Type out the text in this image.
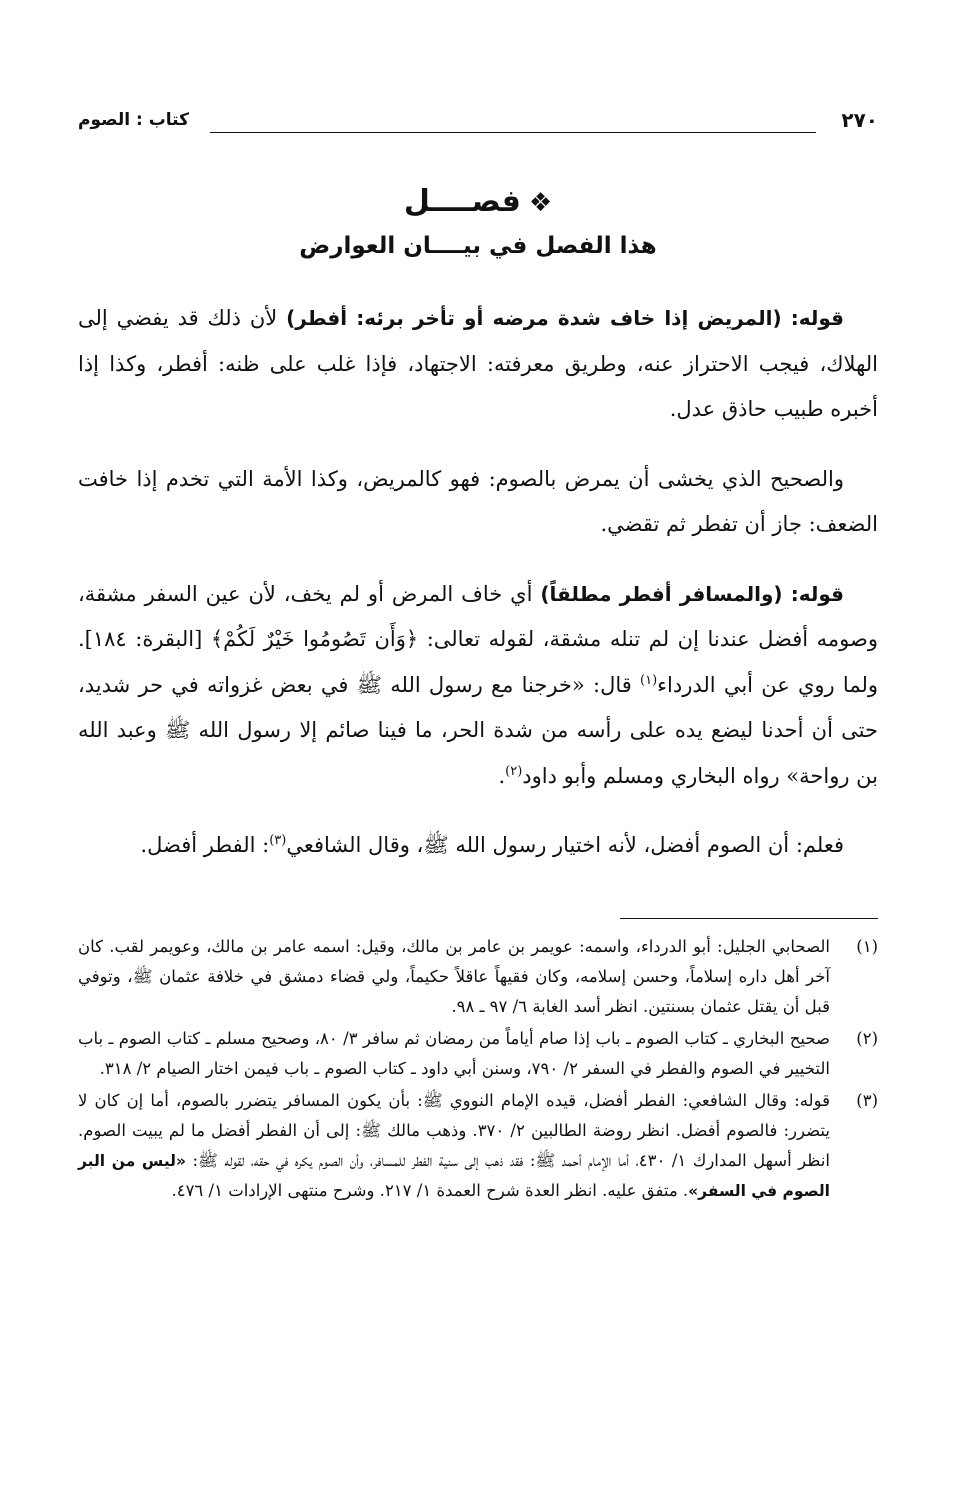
٢٧٠
كتاب : الصوم
❖فصــــل
هذا الفصل في بيــــان العوارض

قوله: (المريض إذا خاف شدة مرضه أو تأخر برئه: أفطر) لأن ذلك قد يفضي إلى الهلاك، فيجب الاحتراز عنه، وطريق معرفته: الاجتهاد، فإذا غلب على ظنه: أفطر، وكذا إذا أخبره طبيب حاذق عدل.

والصحيح الذي يخشى أن يمرض بالصوم: فهو كالمريض، وكذا الأمة التي تخدم إذا خافت الضعف: جاز أن تفطر ثم تقضي.

قوله: (والمسافر أفطر مطلقاً) أي خاف المرض أو لم يخف، لأن عين السفر مشقة، وصومه أفضل عندنا إن لم تنله مشقة، لقوله تعالى: ﴿وَأَن تَصُومُوا خَيْرٌ لَكُمْ﴾ [البقرة: ١٨٤]. ولما روي عن أبي الدرداء$^{(١)}$ قال: «خرجنا مع رسول الله ﷺ في بعض غزواته في حر شديد، حتى أن أحدنا ليضع يده على رأسه من شدة الحر، ما فينا صائم إلا رسول الله ﷺ وعبد الله بن رواحة» رواه البخاري ومسلم وأبو داود$^{(٢)}$.

فعلم: أن الصوم أفضل، لأنه اختيار رسول الله ﷺ، وقال الشافعي$^{(٣)}$: الفطر أفضل.

(١)
الصحابي الجليل: أبو الدرداء، واسمه: عويمر بن عامر بن مالك، وقيل: اسمه عامر بن مالك، وعويمر لقب. كان آخر أهل داره إسلاماً، وحسن إسلامه، وكان فقيهاً عاقلاً حكيماً، ولي قضاء دمشق في خلافة عثمان ﷺ، وتوفي قبل أن يقتل عثمان بسنتين. انظر أسد الغابة ٦/ ٩٧ ـ ٩٨.
(٢)
صحيح البخاري ـ كتاب الصوم ـ باب إذا صام أياماً من رمضان ثم سافر ٣/ ٨٠، وصحيح مسلم ـ كتاب الصوم ـ باب التخيير في الصوم والفطر في السفر ٢/ ٧٩٠، وسنن أبي داود ـ كتاب الصوم ـ باب فيمن اختار الصيام ٢/ ٣١٨.
(٣)
قوله: وقال الشافعي: الفطر أفضل، قيده الإمام النووي ﷺ: بأن يكون المسافر يتضرر بالصوم، أما إن كان لا يتضرر: فالصوم أفضل. انظر روضة الطالبين ٢/ ٣٧٠. وذهب مالك ﷺ: إلى أن الفطر أفضل ما لم يبيت الصوم. انظر أسهل المدارك ١/ ٤٣٠، أما الإمام أحمد ﷺ: فقد ذهب إلى سنية الفطر للمسافر، وأن الصوم يكره في حقه، لقوله ﷺ: «ليس من البر الصوم في السفر». متفق عليه. انظر العدة شرح العمدة ١/ ٢١٧. وشرح منتهى الإرادات ١/ ٤٧٦.
